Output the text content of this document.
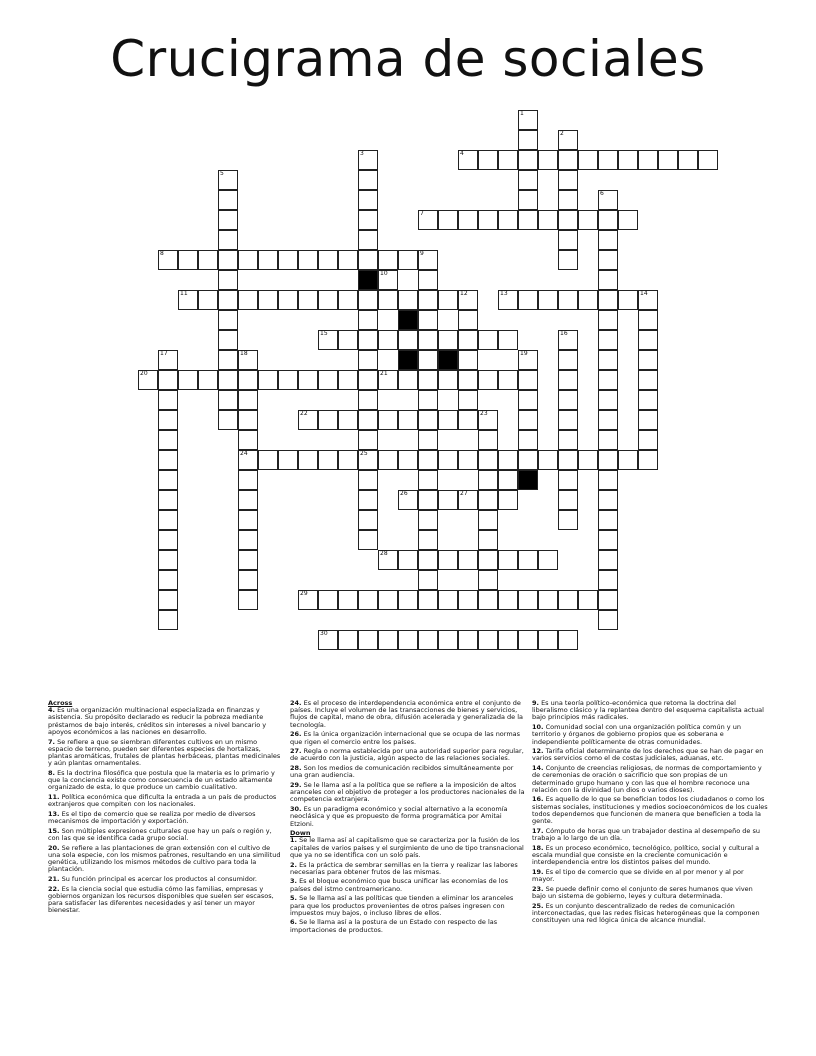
Crucigrama de sociales
4
7
8
10
11	13	14
15
20	21
22
24	25
26	27
28
29
30
1
2
3
5
6
9
12
16
17	18	19
23
Across

4. Es una organización multinacional especializada en finanzas y asistencia. Su propósito declarado es reducir la pobreza mediante préstamos de bajo interés, créditos sin intereses a nivel bancario y apoyos económicos a las naciones en desarrollo.

7. Se refiere a que se siembran diferentes cultivos en un mismo espacio de terreno, pueden ser diferentes especies de hortalizas, plantas aromáticas, frutales de plantas herbáceas, plantas medicinales y aún plantas ornamentales.

8. Es la doctrina filosófica que postula que la materia es lo primario y que la conciencia existe como consecuencia de un estado altamente organizado de esta, lo que produce un cambio cualitativo.

11. Política económica que dificulta la entrada a un país de productos extranjeros que compiten con los nacionales.

13. Es el tipo de comercio que se realiza por medio de diversos mecanismos de importación y exportación.

15. Son múltiples expresiones culturales que hay un país o región y, con las que se identifica cada grupo social.

20. Se refiere a las plantaciones de gran extensión con el cultivo de una sola especie, con los mismos patrones, resultando en una similitud genética, utilizando los mismos métodos de cultivo para toda la plantación.

21. Su función principal es acercar los productos al consumidor.

22. Es la ciencia social que estudia cómo las familias, empresas y gobiernos organizan los recursos disponibles que suelen ser escasos, para satisfacer las diferentes necesidades y así tener un mayor bienestar.

24. Es el proceso de interdependencia económica entre el conjunto de países. Incluye el volumen de las transacciones de bienes y servicios, flujos de capital, mano de obra, difusión acelerada y generalizada de la tecnología.

26. Es la única organización internacional que se ocupa de las normas que rigen el comercio entre los países.

27. Regla o norma establecida por una autoridad superior para regular, de acuerdo con la justicia, algún aspecto de las relaciones sociales.

28. Son los medios de comunicación recibidos simultáneamente por una gran audiencia.

29. Se le llama así a la política que se refiere a la imposición de altos aranceles con el objetivo de proteger a los productores nacionales de la competencia extranjera.

30. Es un paradigma económico y social alternativo a la economía neoclásica y que es propuesto de forma programática por Amitai Etzioni.

Down

1. Se le llama así al capitalismo que se caracteriza por la fusión de los capitales de varios países y el surgimiento de uno de tipo transnacional que ya no se identifica con un solo país.

2. Es la práctica de sembrar semillas en la tierra y realizar las labores necesarias para obtener frutos de las mismas.

3. Es el bloque económico que busca unificar las economías de los países del istmo centroamericano.

5. Se le llama así a las políticas que tienden a eliminar los aranceles para que los productos provenientes de otros países ingresen con impuestos muy bajos, o incluso libres de ellos.

6. Se le llama así a la postura de un Estado con respecto de las importaciones de productos.

9. Es una teoría político-económica que retoma la doctrina del liberalismo clásico y la replantea dentro del esquema capitalista actual bajo principios más radicales.

10. Comunidad social con una organización política común y un territorio y órganos de gobierno propios que es soberana e independiente políticamente de otras comunidades.

12. Tarifa oficial determinante de los derechos que se han de pagar en varios servicios como el de costas judiciales, aduanas, etc.

14. Conjunto de creencias religiosas, de normas de comportamiento y de ceremonias de oración o sacrificio que son propias de un determinado grupo humano y con las que el hombre reconoce una relación con la divinidad (un dios o varios dioses).

16. Es aquello de lo que se benefician todos los ciudadanos o como los sistemas sociales, instituciones y medios socioeconómicos de los cuales todos dependemos que funcionen de manera que beneficien a toda la gente.

17. Cómputo de horas que un trabajador destina al desempeño de su trabajo a lo largo de un día.

18. Es un proceso económico, tecnológico, político, social y cultural a escala mundial que consiste en la creciente comunicación e interdependencia entre los distintos países del mundo.

19. Es el tipo de comercio que se divide en al por menor y al por mayor.

23. Se puede definir como el conjunto de seres humanos que viven bajo un sistema de gobierno, leyes y cultura determinada.

25. Es un conjunto descentralizado de redes de comunicación interconectadas, que las redes físicas heterogéneas que la componen constituyen una red lógica única de alcance mundial.
